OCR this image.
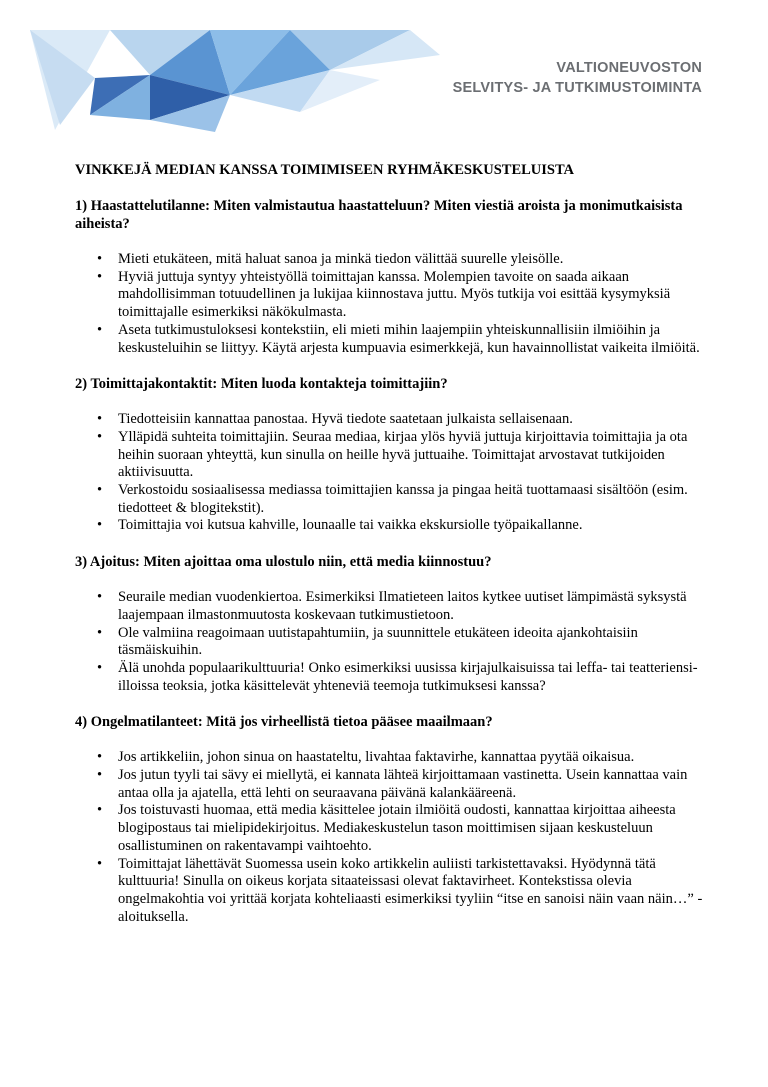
VALTIONEUVOSTON
SELVITYS- JA TUTKIMUSTOIMINTA
VINKKEJÄ MEDIAN KANSSA TOIMIMISEEN RYHMÄKESKUSTELUISTA
1) Haastattelutilanne: Miten valmistautua haastatteluun? Miten viestiä aroista ja monimutkaisista aiheista?
• Mieti etukäteen, mitä haluat sanoa ja minkä tiedon välittää suurelle yleisölle.
• Hyviä juttuja syntyy yhteistyöllä toimittajan kanssa. Molempien tavoite on saada aikaan mahdollisimman totuudellinen ja lukijaa kiinnostava juttu. Myös tutkija voi esittää kysymyksiä toimittajalle esimerkiksi näkökulmasta.
• Aseta tutkimustuloksesi kontekstiin, eli mieti mihin laajempiin yhteiskunnallisiin ilmiöihin ja keskusteluihin se liittyy. Käytä arjesta kumpuavia esimerkkejä, kun havainnollistat vaikeita ilmiöitä.
2) Toimittajakontaktit: Miten luoda kontakteja toimittajiin?
• Tiedotteisiin kannattaa panostaa. Hyvä tiedote saatetaan julkaista sellaisenaan.
• Ylläpidä suhteita toimittajiin. Seuraa mediaa, kirjaa ylös hyviä juttuja kirjoittavia toimittajia ja ota heihin suoraan yhteyttä, kun sinulla on heille hyvä juttuaihe. Toimittajat arvostavat tutkijoiden aktiivisuutta.
• Verkostoidu sosiaalisessa mediassa toimittajien kanssa ja pingaa heitä tuottamaasi sisältöön (esim. tiedotteet & blogitekstit).
• Toimittajia voi kutsua kahville, lounaalle tai vaikka ekskursiolle työpaikallanne.
3) Ajoitus: Miten ajoittaa oma ulostulo niin, että media kiinnostuu?
• Seuraile median vuodenkiertoa. Esimerkiksi Ilmatieteen laitos kytkee uutiset lämpimästä syksystä laajempaan ilmastonmuutosta koskevaan tutkimustietoon.
• Ole valmiina reagoimaan uutistapahtumiin, ja suunnittele etukäteen ideoita ajankohtaisiin täsmäiskuihin.
• Älä unohda populaarikulttuuria! Onko esimerkiksi uusissa kirjajulkaisuissa tai leffa- tai teatteriensi-illoissa teoksia, jotka käsittelevät yhteneviä teemoja tutkimuksesi kanssa?
4) Ongelmatilanteet: Mitä jos virheellistä tietoa pääsee maailmaan?
• Jos artikkeliin, johon sinua on haastateltu, livahtaa faktavirhe, kannattaa pyytää oikaisua.
• Jos jutun tyyli tai sävy ei miellytä, ei kannata lähteä kirjoittamaan vastinetta. Usein kannattaa vain antaa olla ja ajatella, että lehti on seuraavana päivänä kalankääreenä.
• Jos toistuvasti huomaa, että media käsittelee jotain ilmiöitä oudosti, kannattaa kirjoittaa aiheesta blogipostaus tai mielipidekirjoitus. Mediakeskustelun tason moittimisen sijaan keskusteluun osallistuminen on rakentavampi vaihtoehto.
• Toimittajat lähettävät Suomessa usein koko artikkelin auliisti tarkistettavaksi. Hyödynnä tätä kulttuuria! Sinulla on oikeus korjata sitaateissasi olevat faktavirheet. Kontekstissa olevia ongelmakohtia voi yrittää korjata kohteliaasti esimerkiksi tyyliin “itse en sanoisi näin vaan näin…” -aloituksella.
